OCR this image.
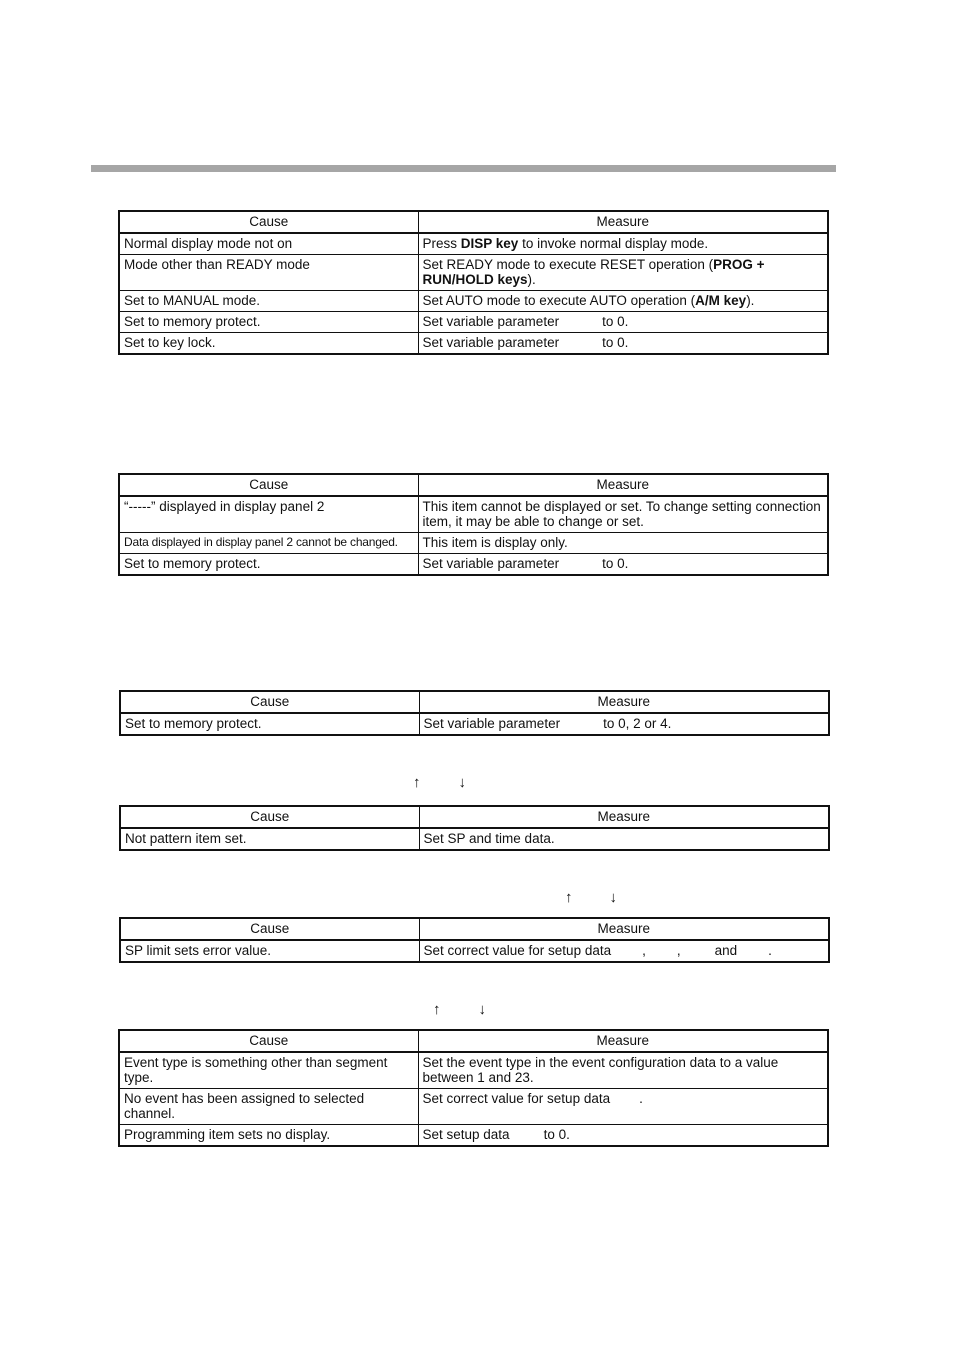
Cause	Measure
Normal display mode not on	Press DISP key to invoke normal display mode.
Mode other than READY mode	Set READY mode to execute RESET operation (PROG + RUN/HOLD keys).
Set to MANUAL mode.	Set AUTO mode to execute AUTO operation (A/M key).
Set to memory protect.	Set variable parameter to 0.
Set to key lock.	Set variable parameter to 0.
Cause	Measure
“-----” displayed in display panel 2	This item cannot be displayed or set. To change setting connection item, it may be able to change or set.
Data displayed in display panel 2 cannot be changed.	This item is display only.
Set to memory protect.	Set variable parameter to 0.
Cause	Measure
Set to memory protect.	Set variable parameter to 0, 2 or 4.
↑	↓
Cause	Measure
Not pattern item set.	Set SP and time data.
↑ ↓
Cause	Measure
SP limit sets error value.	Set correct value for setup data , , and .
↑	↓
Cause	Measure
Event type is something other than segment type.	Set the event type in the event configuration data to a value between 1 and 23.
No event has been assigned to selected channel.	Set correct value for setup data .
Programming item sets no display.	Set setup data to 0.
